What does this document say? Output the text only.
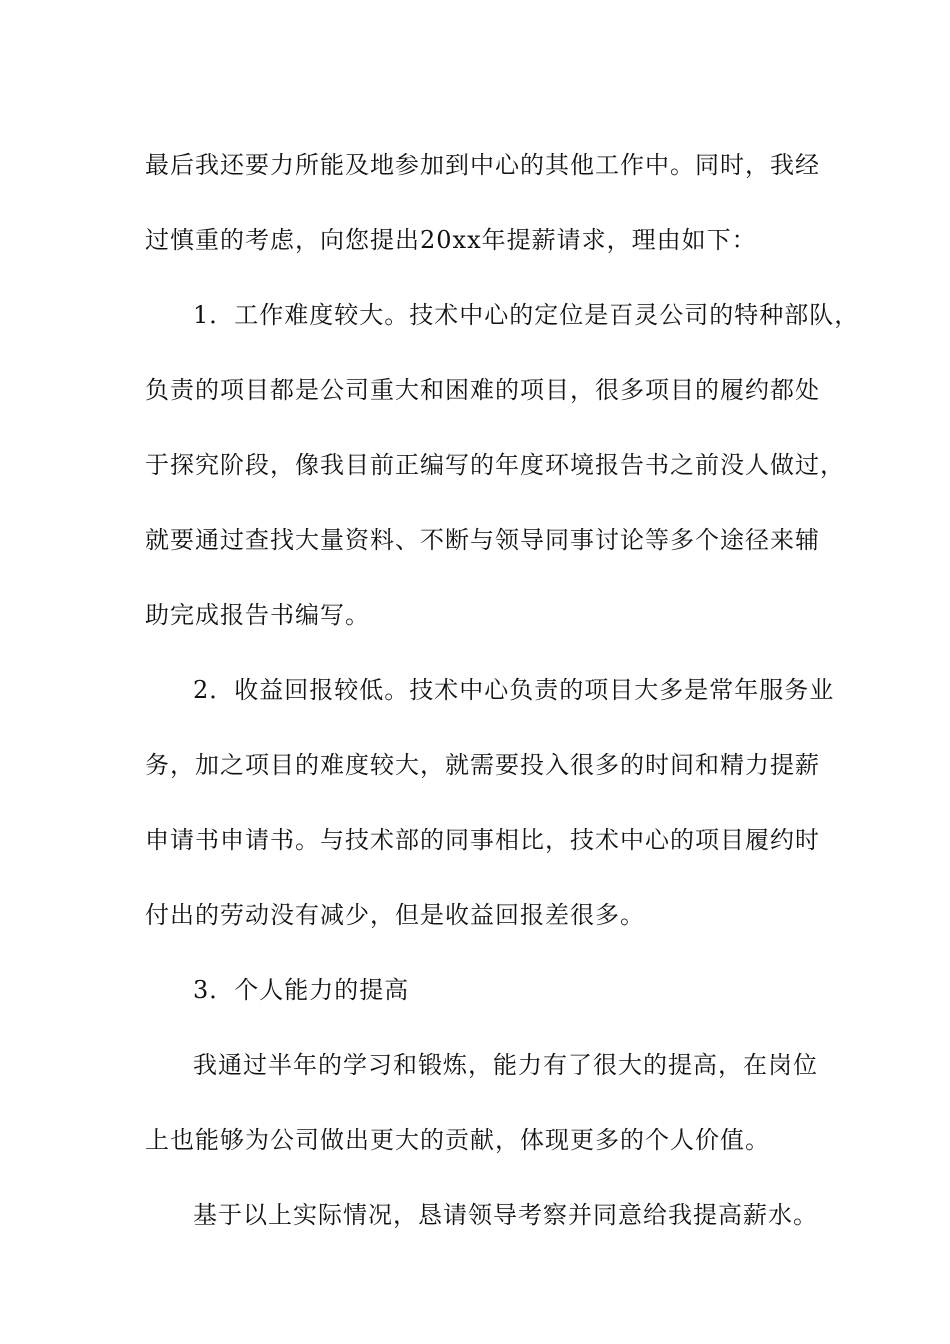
最后我还要力所能及地参加到中心的其他工作中。同时，我经
过慎重的考虑，向您提出20xx年提薪请求，理由如下：
1．工作难度较大。技术中心的定位是百灵公司的特种部队，
负责的项目都是公司重大和困难的项目，很多项目的履约都处
于探究阶段，像我目前正编写的年度环境报告书之前没人做过，
就要通过查找大量资料、不断与领导同事讨论等多个途径来辅
助完成报告书编写。
2．收益回报较低。技术中心负责的项目大多是常年服务业
务，加之项目的难度较大，就需要投入很多的时间和精力提薪
申请书申请书。与技术部的同事相比，技术中心的项目履约时
付出的劳动没有减少，但是收益回报差很多。
3．个人能力的提高
我通过半年的学习和锻炼，能力有了很大的提高，在岗位
上也能够为公司做出更大的贡献，体现更多的个人价值。
基于以上实际情况，恳请领导考察并同意给我提高薪水。
